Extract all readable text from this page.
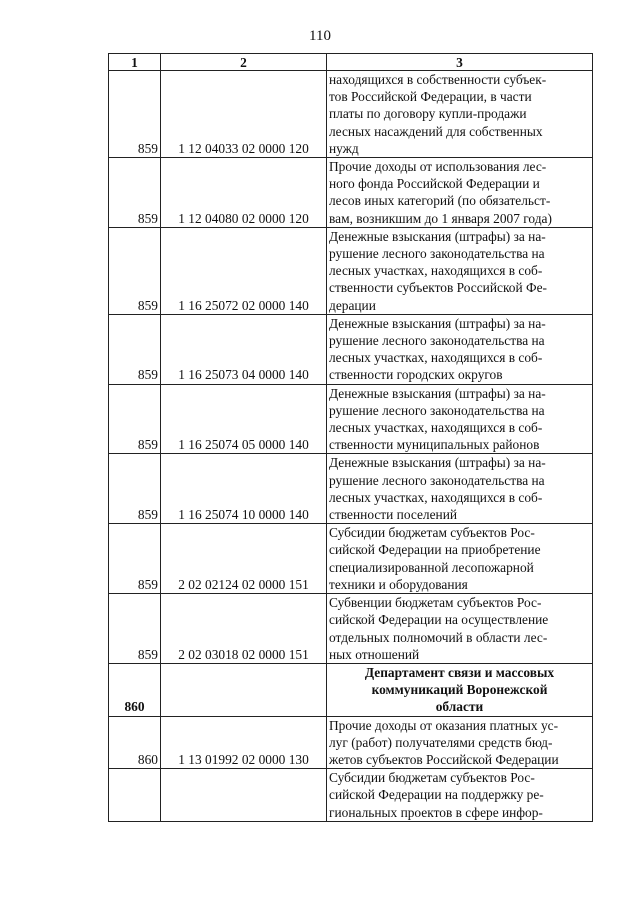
110
1	2	3
859	1 12 04033 02 0000 120	находящихся в собственности субъек-
тов Российской Федерации, в части
платы по договору купли-продажи
лесных насаждений для собственных
нужд

859	1 12 04080 02 0000 120	Прочие доходы от использования лес-
ного фонда Российской Федерации и
лесов иных категорий (по обязательст-
вам, возникшим до 1 января 2007 года)

859	1 16 25072 02 0000 140	Денежные взыскания (штрафы) за на-
рушение лесного законодательства на
лесных участках, находящихся в соб-
ственности субъектов Российской Фе-
дерации

859	1 16 25073 04 0000 140	Денежные взыскания (штрафы) за на-
рушение лесного законодательства на
лесных участках, находящихся в соб-
ственности городских округов

859	1 16 25074 05 0000 140	Денежные взыскания (штрафы) за на-
рушение лесного законодательства на
лесных участках, находящихся в соб-
ственности муниципальных районов

859	1 16 25074 10 0000 140	Денежные взыскания (штрафы) за на-
рушение лесного законодательства на
лесных участках, находящихся в соб-
ственности поселений

859	2 02 02124 02 0000 151	Субсидии бюджетам субъектов Рос-
сийской Федерации на приобретение
специализированной лесопожарной
техники и оборудования

859	2 02 03018 02 0000 151	Субвенции бюджетам субъектов Рос-
сийской Федерации на осуществление
отдельных полномочий в области лес-
ных отношений

860		Департамент связи и массовых
коммуникаций Воронежской
области

860	1 13 01992 02 0000 130	Прочие доходы от оказания платных ус-
луг (работ) получателями средств бюд-
жетов субъектов Российской Федерации

		Субсидии бюджетам субъектов Рос-
сийской Федерации на поддержку ре-
гиональных проектов в сфере инфор-
